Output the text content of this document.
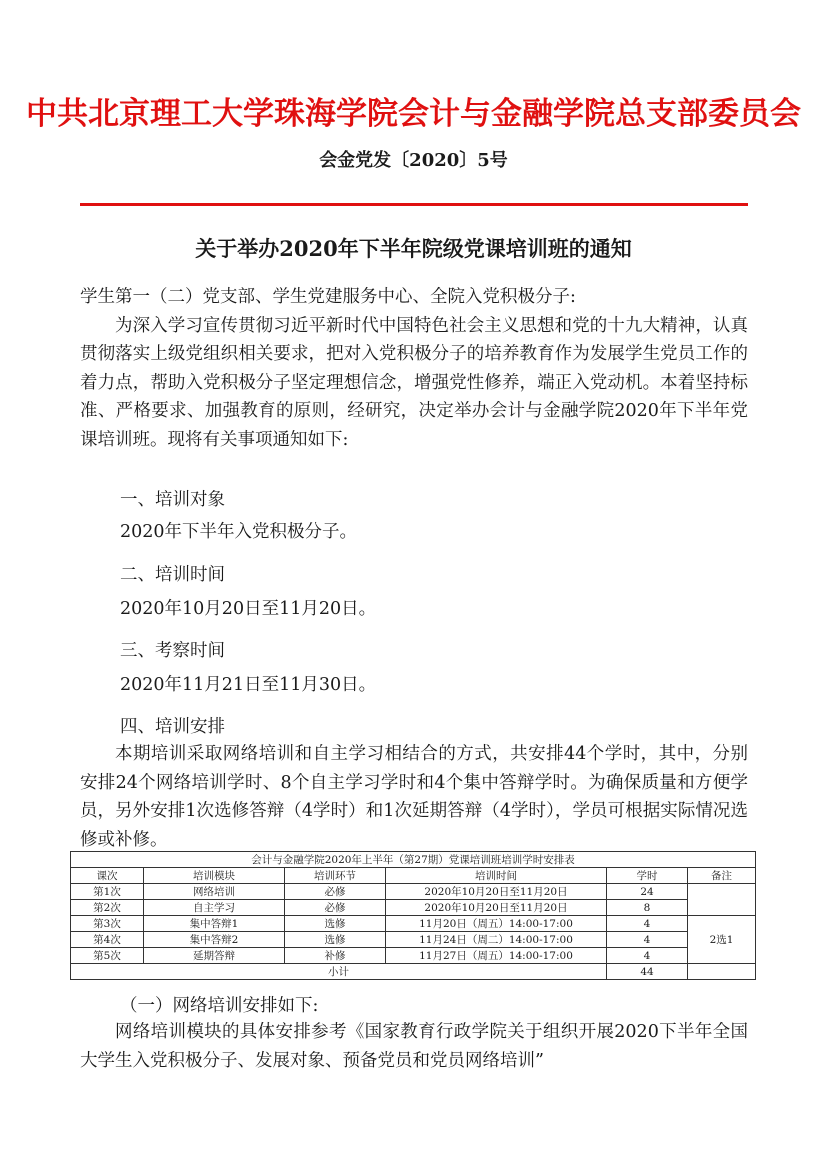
中共北京理工大学珠海学院会计与金融学院总支部委员会
会金党发〔2020〕5号
关于举办2020年下半年院级党课培训班的通知

学生第一（二）党支部、学生党建服务中心、全院入党积极分子:

为深入学习宣传贯彻习近平新时代中国特色社会主义思想和党的十九大精神，认真贯彻落实上级党组织相关要求，把对入党积极分子的培养教育作为发展学生党员工作的着力点，帮助入党积极分子坚定理想信念，增强党性修养，端正入党动机。本着坚持标准、严格要求、加强教育的原则，经研究，决定举办会计与金融学院2020年下半年党课培训班。现将有关事项通知如下:

一、培训对象
2020年下半年入党积极分子。
二、培训时间
2020年10月20日至11月20日。
三、考察时间
2020年11月21日至11月30日。
四、培训安排

本期培训采取网络培训和自主学习相结合的方式，共安排44个学时，其中，分别安排24个网络培训学时、8个自主学习学时和4个集中答辩学时。为确保质量和方便学员，另外安排1次选修答辩（4学时）和1次延期答辩（4学时），学员可根据实际情况选修或补修。

会计与金融学院2020年上半年（第27期）党课培训班培训学时安排表					
课次	培训模块	培训环节	培训时间	学时	备注
第1次	网络培训	必修	2020年10月20日至11月20日	24	
第2次	自主学习	必修	2020年10月20日至11月20日	8	
第3次	集中答辩1	选修	11月20日（周五）14:00-17:00	4	2选1
第4次	集中答辩2	选修	11月24日（周二）14:00-17:00	4	
第5次	延期答辩	补修	11月27日（周五）14:00-17:00	4	
小计				44	
（一）网络培训安排如下:

网络培训模块的具体安排参考《国家教育行政学院关于组织开展2020下半年全国大学生入党积极分子、发展对象、预备党员和党员网络培训”
